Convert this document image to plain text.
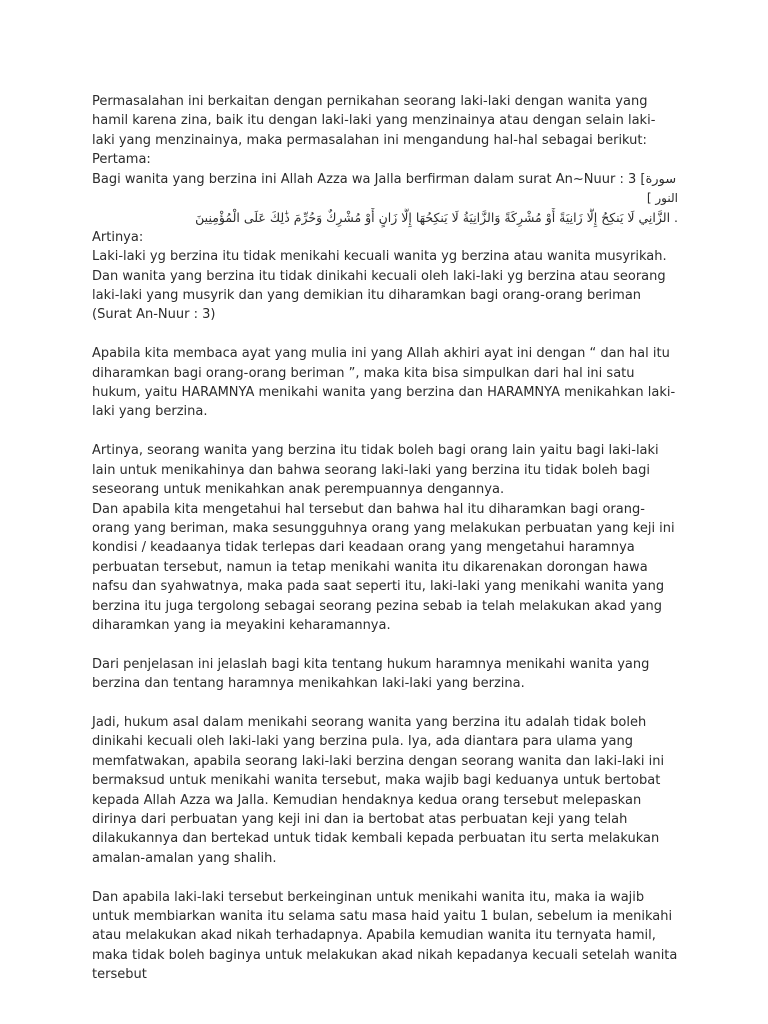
Permasalahan ini berkaitan dengan pernikahan seorang laki-laki dengan wanita yang hamil karena zina, baik itu dengan laki-laki yang menzinainya atau dengan selain laki-laki yang menzinainya, maka permasalahan ini mengandung hal-hal sebagai berikut:

Pertama:

Bagi wanita yang berzina ini Allah Azza wa Jalla berfirman dalam surat An~Nuur : 3 [سورة
النور ]

. الزَّانِي لَا يَنكِحُ إِلَّا زَانِيَةً أَوْ مُشْرِكَةً وَالزَّانِيَةُ لَا يَنكِحُهَا إِلَّا زَانٍ أَوْ مُشْرِكٌ وَحُرِّمَ ذَٰلِكَ عَلَى الْمُؤْمِنِينَ

Artinya:

Laki-laki yg berzina itu tidak menikahi kecuali wanita yg berzina atau wanita musyrikah. Dan wanita yang berzina itu tidak dinikahi kecuali oleh laki-laki yg berzina atau seorang laki-laki yang musyrik dan yang demikian itu diharamkan bagi orang-orang beriman (Surat An-Nuur : 3)

Apabila kita membaca ayat yang mulia ini yang Allah akhiri ayat ini dengan “ dan hal itu diharamkan bagi orang-orang beriman ”, maka kita bisa simpulkan dari hal ini satu hukum, yaitu HARAMNYA menikahi wanita yang berzina dan HARAMNYA menikahkan laki-laki yang berzina.

Artinya, seorang wanita yang berzina itu tidak boleh bagi orang lain yaitu bagi laki-laki lain untuk menikahinya dan bahwa seorang laki-laki yang berzina itu tidak boleh bagi seseorang untuk menikahkan anak perempuannya dengannya.

Dan apabila kita mengetahui hal tersebut dan bahwa hal itu diharamkan bagi orang-orang yang beriman, maka sesungguhnya orang yang melakukan perbuatan yang keji ini kondisi / keadaanya tidak terlepas dari keadaan orang yang mengetahui haramnya perbuatan tersebut, namun ia tetap menikahi wanita itu dikarenakan dorongan hawa nafsu dan syahwatnya, maka pada saat seperti itu, laki-laki yang menikahi wanita yang berzina itu juga tergolong sebagai seorang pezina sebab ia telah melakukan akad yang diharamkan yang ia meyakini keharamannya.

Dari penjelasan ini jelaslah bagi kita tentang hukum haramnya menikahi wanita yang berzina dan tentang haramnya menikahkan laki-laki yang berzina.

Jadi, hukum asal dalam menikahi seorang wanita yang berzina itu adalah tidak boleh dinikahi kecuali oleh laki-laki yang berzina pula. Iya, ada diantara para ulama yang memfatwakan, apabila seorang laki-laki berzina dengan seorang wanita dan laki-laki ini bermaksud untuk menikahi wanita tersebut, maka wajib bagi keduanya untuk bertobat kepada Allah Azza wa Jalla. Kemudian hendaknya kedua orang tersebut melepaskan dirinya dari perbuatan yang keji ini dan ia bertobat atas perbuatan keji yang telah dilakukannya dan bertekad untuk tidak kembali kepada perbuatan itu serta melakukan amalan-amalan yang shalih.

Dan apabila laki-laki tersebut berkeinginan untuk menikahi wanita itu, maka ia wajib untuk membiarkan wanita itu selama satu masa haid yaitu 1 bulan, sebelum ia menikahi atau melakukan akad nikah terhadapnya. Apabila kemudian wanita itu ternyata hamil, maka tidak boleh baginya untuk melakukan akad nikah kepadanya kecuali setelah wanita tersebut
